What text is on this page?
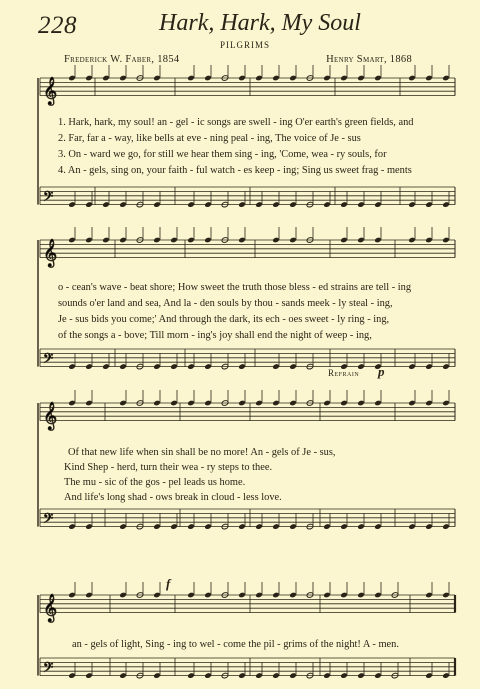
228	Hark, Hark, My Soul
PILGRIMS
Frederick W. Faber, 1854	Henry Smart, 1868
𝄞
𝄢
𝄞
𝄢
𝄞
𝄢
𝄞
𝄢
1. Hark, hark, my soul! an - gel - ic songs are swell - ing O'er earth's green fields, and
2. Far, far a - way, like bells at eve - ning peal - ing, The voice of Je - sus
3. On - ward we go, for still we hear them sing - ing, 'Come, wea - ry souls, for
4. An - gels, sing on, your faith - ful watch - es keep - ing; Sing us sweet frag - ments
o - cean's wave - beat shore; How sweet the truth those bless - ed strains are tell - ing
sounds o'er land and sea, And la - den souls by thou - sands meek - ly steal - ing,
Je - sus bids you come;' And through the dark, its ech - oes sweet - ly ring - ing,
of the songs a - bove; Till morn - ing's joy shall end the night of weep - ing,
Refrain p
Of that new life when sin shall be no more! An - gels of Je - sus,
Kind Shep - herd, turn their wea - ry steps to thee.
The mu - sic of the gos - pel leads us home.
And life's long shad - ows break in cloud - less love.
f
an - gels of light, Sing - ing to wel - come the pil - grims of the night! A - men.
